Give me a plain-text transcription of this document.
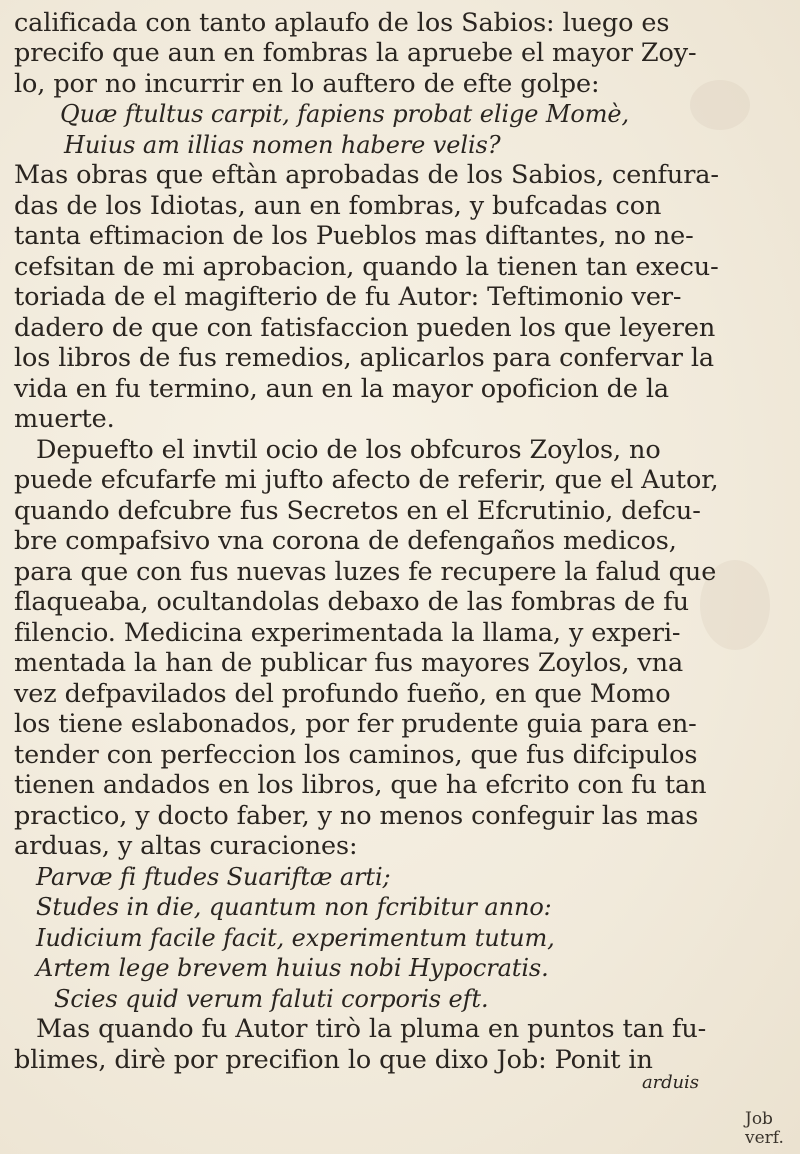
calificada con tanto aplaufo de los Sabios: luego es
precifo que aun en fombras la apruebe el mayor Zoy-
lo, por no incurrir en lo auftero de efte golpe:
Quæ ftultus carpit, fapiens probat elige Momè,
Huius am illias nomen habere velis?
Mas obras que eftàn aprobadas de los Sabios, cenfura-
das de los Idiotas, aun en fombras, y bufcadas con
tanta eftimacion de los Pueblos mas diftantes, no ne-
cefsitan de mi aprobacion, quando la tienen tan execu-
toriada de el magifterio de fu Autor: Teftimonio ver-
dadero de que con fatisfaccion pueden los que leyeren
los libros de fus remedios, aplicarlos para confervar la
vida en fu termino, aun en la mayor opoficion de la
muerte.
Depuefto el invtil ocio de los obfcuros Zoylos, no
puede efcufarfe mi jufto afecto de referir, que el Autor,
quando defcubre fus Secretos en el Efcrutinio, defcu-
bre compafsivo vna corona de defengaños medicos,
para que con fus nuevas luzes fe recupere la falud que
flaqueaba, ocultandolas debaxo de las fombras de fu
filencio. Medicina experimentada la llama, y experi-
mentada la han de publicar fus mayores Zoylos, vna
vez defpavilados del profundo fueño, en que Momo
los tiene eslabonados, por fer prudente guia para en-
tender con perfeccion los caminos, que fus difcipulos
tienen andados en los libros, que ha efcrito con fu tan
practico, y docto faber, y no menos confeguir las mas
arduas, y altas curaciones:
Parvæ fi ftudes Suariftæ arti;
Studes in die, quantum non fcribitur anno:
Iudicium facile facit, experimentum tutum,
Artem lege brevem huius nobi Hypocratis.
Scies quid verum faluti corporis eft.
Mas quando fu Autor tirò la pluma en puntos tan fu-
blimes, dirè por precifion lo que dixo Job: Ponit in
arduis
Job
verf.
